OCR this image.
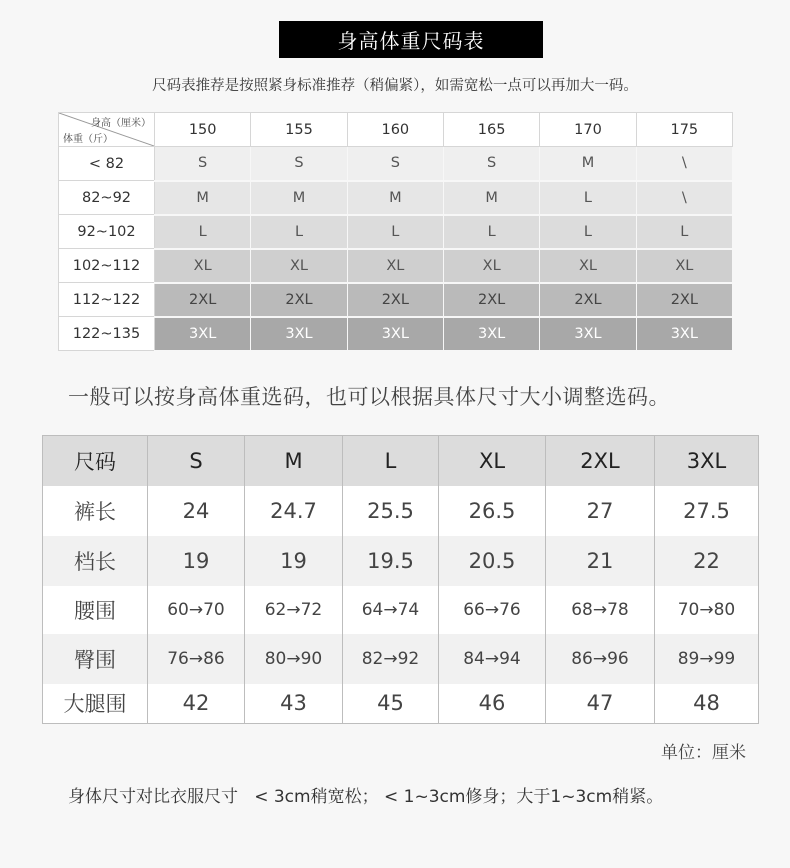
身高体重尺码表
尺码表推荐是按照紧身标准推荐（稍偏紧），如需宽松一点可以再加大一码。
身高（厘米）
体重（斤）	150	155	160	165	170	175
< 82	S	S	S	S	M	\
82~92	M	M	M	M	L	\
92~102	L	L	L	L	L	L
102~112	XL	XL	XL	XL	XL	XL
112~122	2XL	2XL	2XL	2XL	2XL	2XL
122~135	3XL	3XL	3XL	3XL	3XL	3XL
一般可以按身高体重选码，也可以根据具体尺寸大小调整选码。
尺码	S	M	L	XL	2XL	3XL
裤长	24	24.7	25.5	26.5	27	27.5
档长	19	19	19.5	20.5	21	22
腰围	60→70	62→72	64→74	66→76	68→78	70→80
臀围	76→86	80→90	82→92	84→94	86→96	89→99
大腿围	42	43	45	46	47	48
单位：厘米
身体尺寸对比衣服尺寸   < 3cm稍宽松； < 1~3cm修身；大于1~3cm稍紧。
